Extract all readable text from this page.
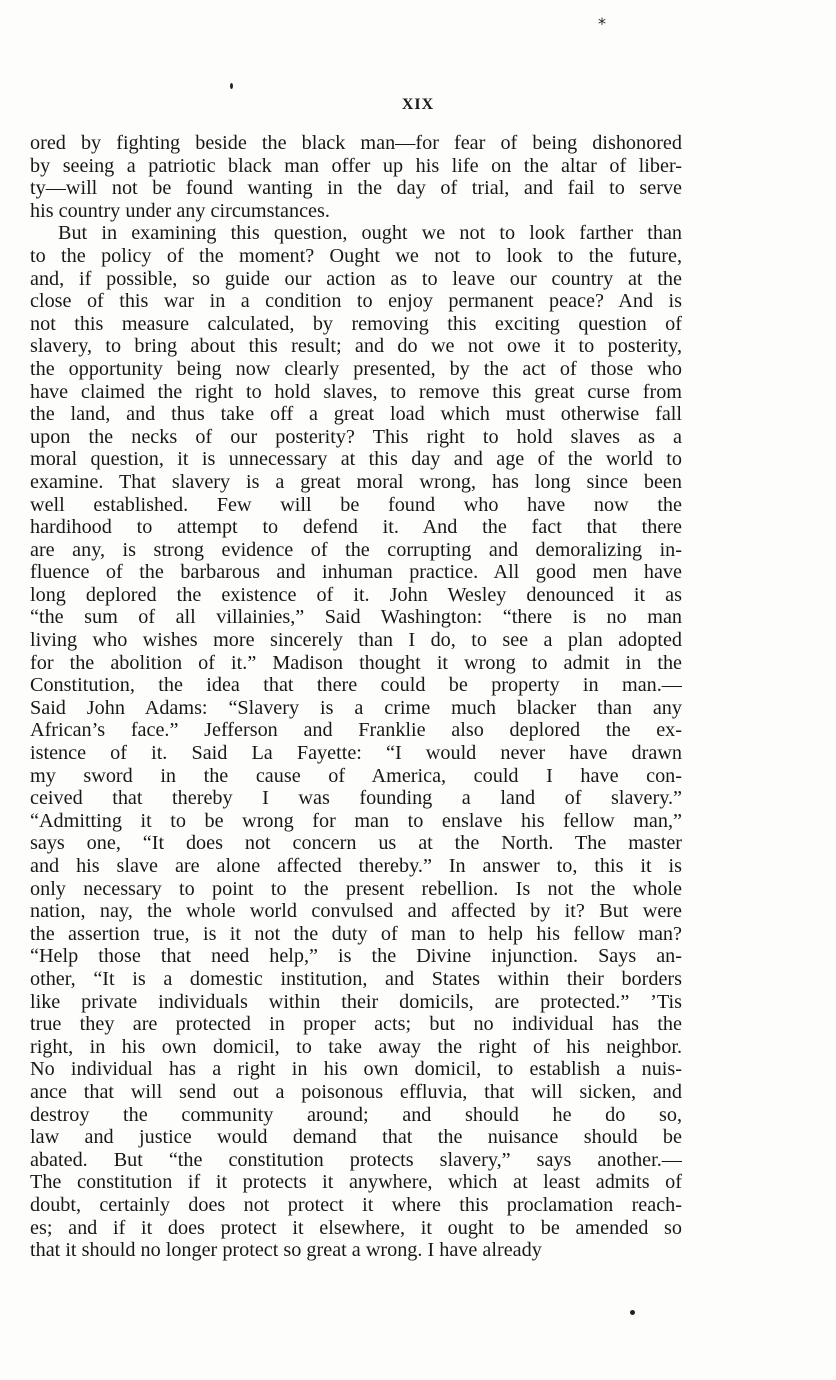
*
XIX
ored by fighting beside the black man—for fear of being dishonored
by seeing a patriotic black man offer up his life on the altar of liber-
ty—will not be found wanting in the day of trial, and fail to serve
his country under any circumstances.
But in examining this question, ought we not to look farther than
to the policy of the moment? Ought we not to look to the future,
and, if possible, so guide our action as to leave our country at the
close of this war in a condition to enjoy permanent peace? And is
not this measure calculated, by removing this exciting question of
slavery, to bring about this result; and do we not owe it to posterity,
the opportunity being now clearly presented, by the act of those who
have claimed the right to hold slaves, to remove this great curse from
the land, and thus take off a great load which must otherwise fall
upon the necks of our posterity? This right to hold slaves as a
moral question, it is unnecessary at this day and age of the world to
examine. That slavery is a great moral wrong, has long since been
well established. Few will be found who have now the
hardihood to attempt to defend it. And the fact that there
are any, is strong evidence of the corrupting and demoralizing in-
fluence of the barbarous and inhuman practice. All good men have
long deplored the existence of it. John Wesley denounced it as
“the sum of all villainies,” Said Washington: “there is no man
living who wishes more sincerely than I do, to see a plan adopted
for the abolition of it.” Madison thought it wrong to admit in the
Constitution, the idea that there could be property in man.—
Said John Adams: “Slavery is a crime much blacker than any
African’s face.” Jefferson and Franklie also deplored the ex-
istence of it. Said La Fayette: “I would never have drawn
my sword in the cause of America, could I have con-
ceived that thereby I was founding a land of slavery.”
“Admitting it to be wrong for man to enslave his fellow man,”
says one, “It does not concern us at the North. The master
and his slave are alone affected thereby.” In answer to, this it is
only necessary to point to the present rebellion. Is not the whole
nation, nay, the whole world convulsed and affected by it? But were
the assertion true, is it not the duty of man to help his fellow man?
“Help those that need help,” is the Divine injunction. Says an-
other, “It is a domestic institution, and States within their borders
like private individuals within their domicils, are protected.” ’Tis
true they are protected in proper acts; but no individual has the
right, in his own domicil, to take away the right of his neighbor.
No individual has a right in his own domicil, to establish a nuis-
ance that will send out a poisonous effluvia, that will sicken, and
destroy the community around; and should he do so,
law and justice would demand that the nuisance should be
abated. But “the constitution protects slavery,” says another.—
The constitution if it protects it anywhere, which at least admits of
doubt, certainly does not protect it where this proclamation reach-
es; and if it does protect it elsewhere, it ought to be amended so
that it should no longer protect so great a wrong. I have already
